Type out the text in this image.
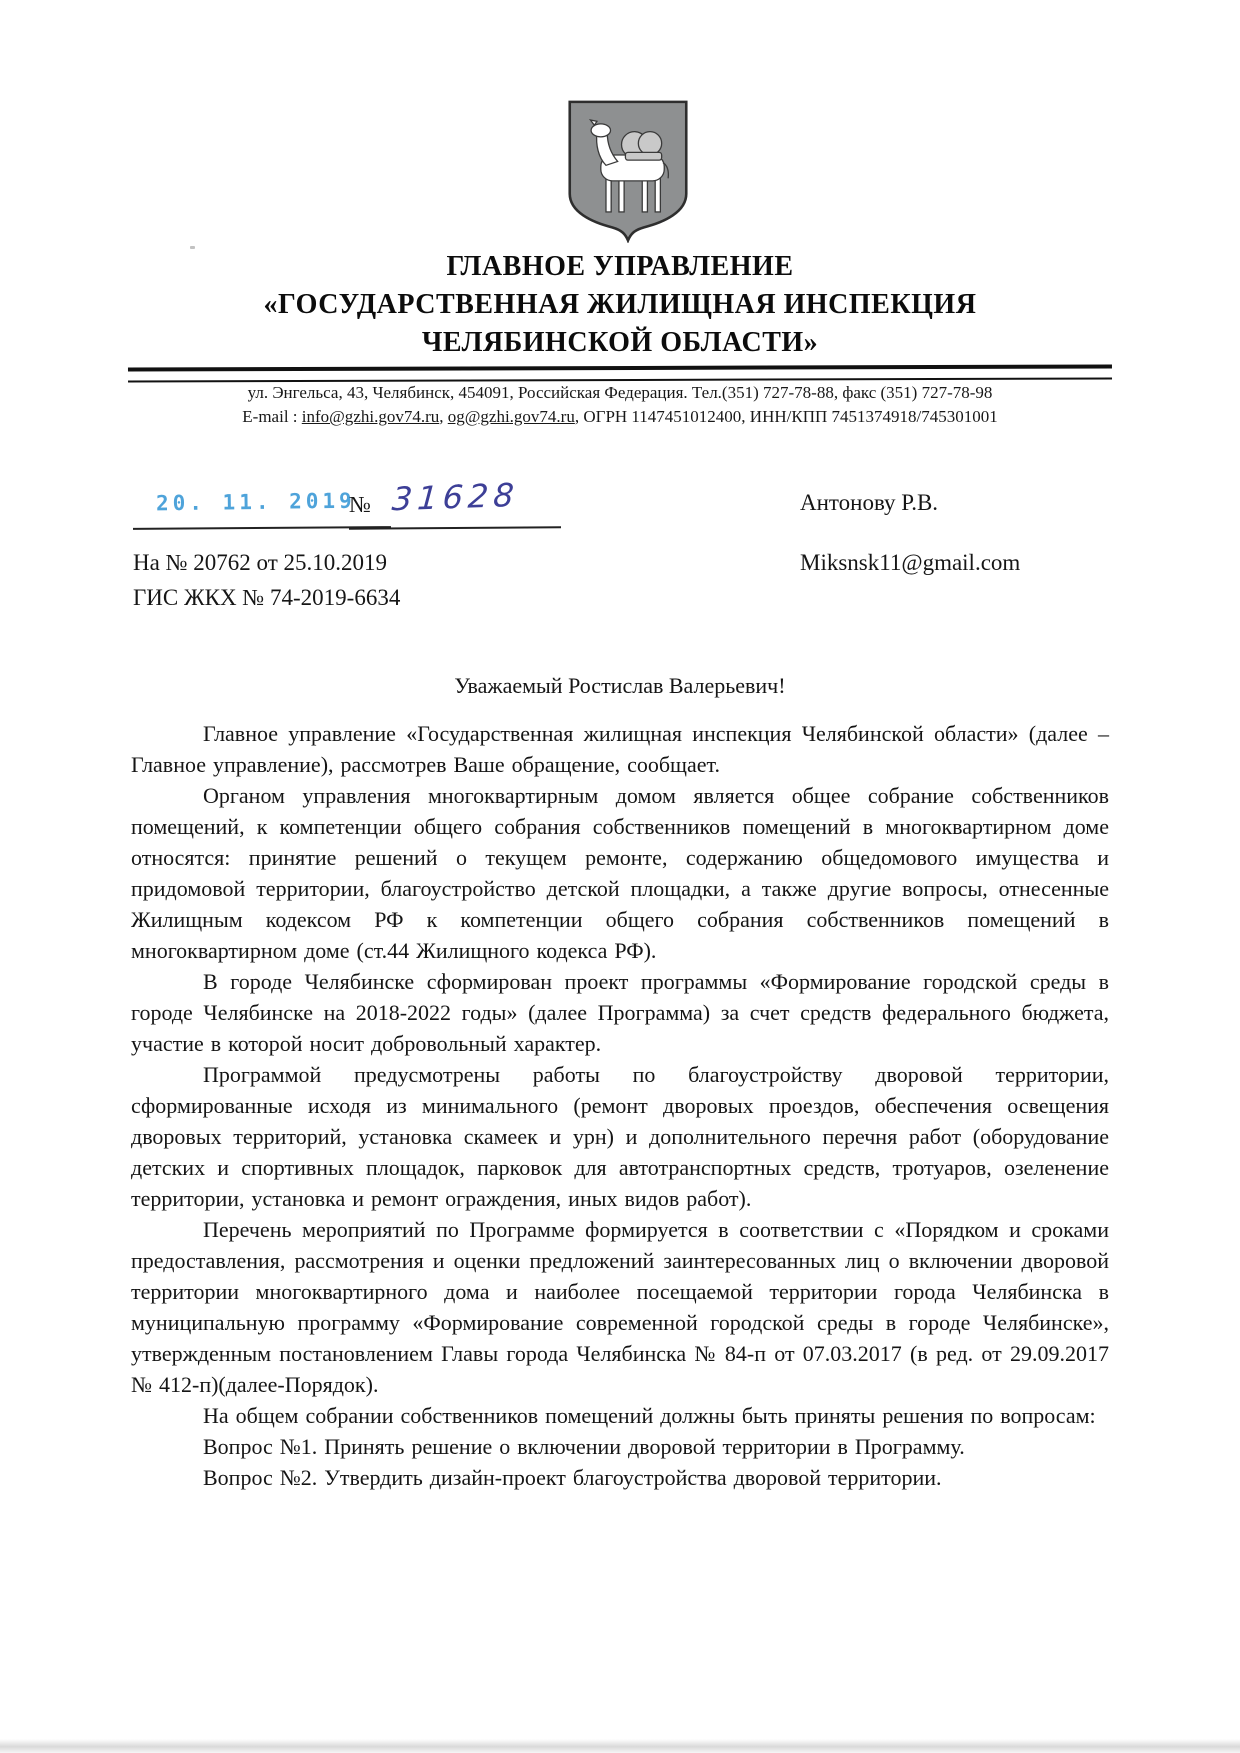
ГЛАВНОЕ УПРАВЛЕНИЕ
«ГОСУДАРСТВЕННАЯ ЖИЛИЩНАЯ ИНСПЕКЦИЯ
ЧЕЛЯБИНСКОЙ ОБЛАСТИ»
ул. Энгельса, 43, Челябинск, 454091, Российская Федерация. Тел.(351) 727-78-88, факс (351) 727-78-98
E-mail : info@gzhi.gov74.ru, og@gzhi.gov74.ru, ОГРН 1147451012400, ИНН/КПП 7451374918/745301001
20. 11. 2019
№ 31628	Антонову Р.В.
На № 20762 от 25.10.2019
ГИС ЖКХ № 74-2019-6634
Miksnsk11@gmail.com
Уважаемый Ростислав Валерьевич!

Главное управление «Государственная жилищная инспекция Челябинской области» (далее – Главное управление), рассмотрев Ваше обращение, сообщает.

Органом управления многоквартирным домом является общее собрание собственников помещений, к компетенции общего собрания собственников помещений в многоквартирном доме относятся: принятие решений о текущем ремонте, содержанию общедомового имущества и придомовой территории, благоустройство детской площадки, а также другие вопросы, отнесенные Жилищным кодексом РФ к компетенции общего собрания собственников помещений в многоквартирном доме (ст.44 Жилищного кодекса РФ).

В городе Челябинске сформирован проект программы «Формирование городской среды в городе Челябинске на 2018-2022 годы» (далее Программа) за счет средств федерального бюджета, участие в которой носит добровольный характер.

Программой предусмотрены работы по благоустройству дворовой территории, сформированные исходя из минимального (ремонт дворовых проездов, обеспечения освещения дворовых территорий, установка скамеек и урн) и дополнительного перечня работ (оборудование детских и спортивных площадок, парковок для автотранспортных средств, тротуаров, озеленение территории, установка и ремонт ограждения, иных видов работ).

Перечень мероприятий по Программе формируется в соответствии с «Порядком и сроками предоставления, рассмотрения и оценки предложений заинтересованных лиц о включении дворовой территории многоквартирного дома и наиболее посещаемой территории города Челябинска в муниципальную программу «Формирование современной городской среды в городе Челябинске», утвержденным постановлением Главы города Челябинска № 84-п от 07.03.2017 (в ред. от 29.09.2017 № 412-п)(далее-Порядок).

На общем собрании собственников помещений должны быть приняты решения по вопросам:

Вопрос №1. Принять решение о включении дворовой территории в Программу.

Вопрос №2. Утвердить дизайн-проект благоустройства дворовой территории.
